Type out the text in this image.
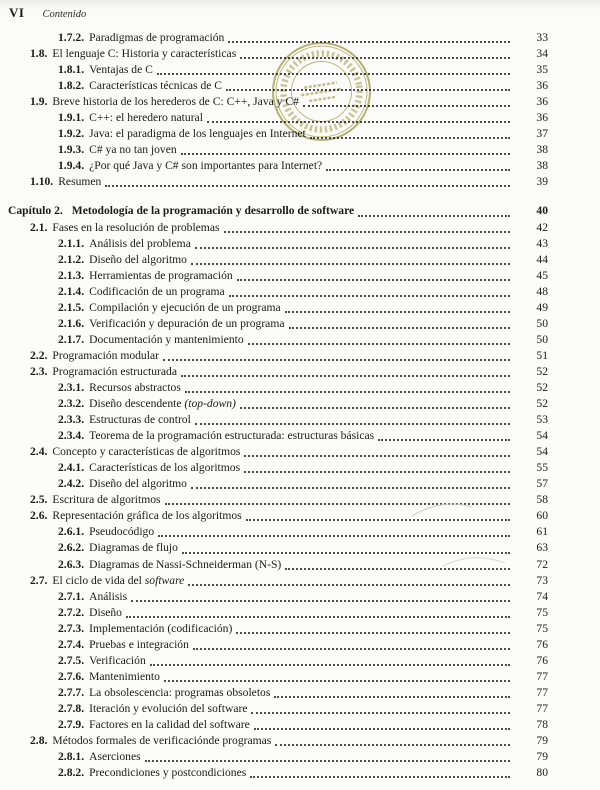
VI Contenido
1.7.2. Paradigmas de programación	33
1.8. El lenguaje C: Historia y características	34
1.8.1. Ventajas de C	35
1.8.2. Características técnicas de C	36
1.9. Breve historia de los herederos de C: C++, Java y C#	36
1.9.1. C++: el heredero natural	36
1.9.2. Java: el paradigma de los lenguajes en Internet	37
1.9.3. C# ya no tan joven	38
1.9.4. ¿Por qué Java y C# son importantes para Internet?	38
1.10. Resumen	39
Capítulo 2. Metodología de la programación y desarrollo de software	40
2.1. Fases en la resolución de problemas	42
2.1.1. Análisis del problema	43
2.1.2. Diseño del algoritmo	44
2.1.3. Herramientas de programación	45
2.1.4. Codificación de un programa	48
2.1.5. Compilación y ejecución de un programa	49
2.1.6. Verificación y depuración de un programa	50
2.1.7. Documentación y mantenimiento	50
2.2. Programación modular	51
2.3. Programación estructurada	52
2.3.1. Recursos abstractos	52
2.3.2. Diseño descendente (top-down)	52
2.3.3. Estructuras de control	53
2.3.4. Teorema de la programación estructurada: estructuras básicas	54
2.4. Concepto y características de algoritmos	54
2.4.1. Características de los algoritmos	55
2.4.2. Diseño del algoritmo	57
2.5. Escritura de algoritmos	58
2.6. Representación gráfica de los algoritmos	60
2.6.1. Pseudocódigo	61
2.6.2. Diagramas de flujo	63
2.6.3. Diagramas de Nassi-Schneiderman (N-S)	72
2.7. El ciclo de vida del software	73
2.7.1. Análisis	74
2.7.2. Diseño	75
2.7.3. Implementación (codificación)	75
2.7.4. Pruebas e integración	76
2.7.5. Verificación	76
2.7.6. Mantenimiento	77
2.7.7. La obsolescencia: programas obsoletos	77
2.7.8. Iteración y evolución del software	77
2.7.9. Factores en la calidad del software	78
2.8. Métodos formales de verificaciónde programas	79
2.8.1. Aserciones	79
2.8.2. Precondiciones y postcondiciones	80
